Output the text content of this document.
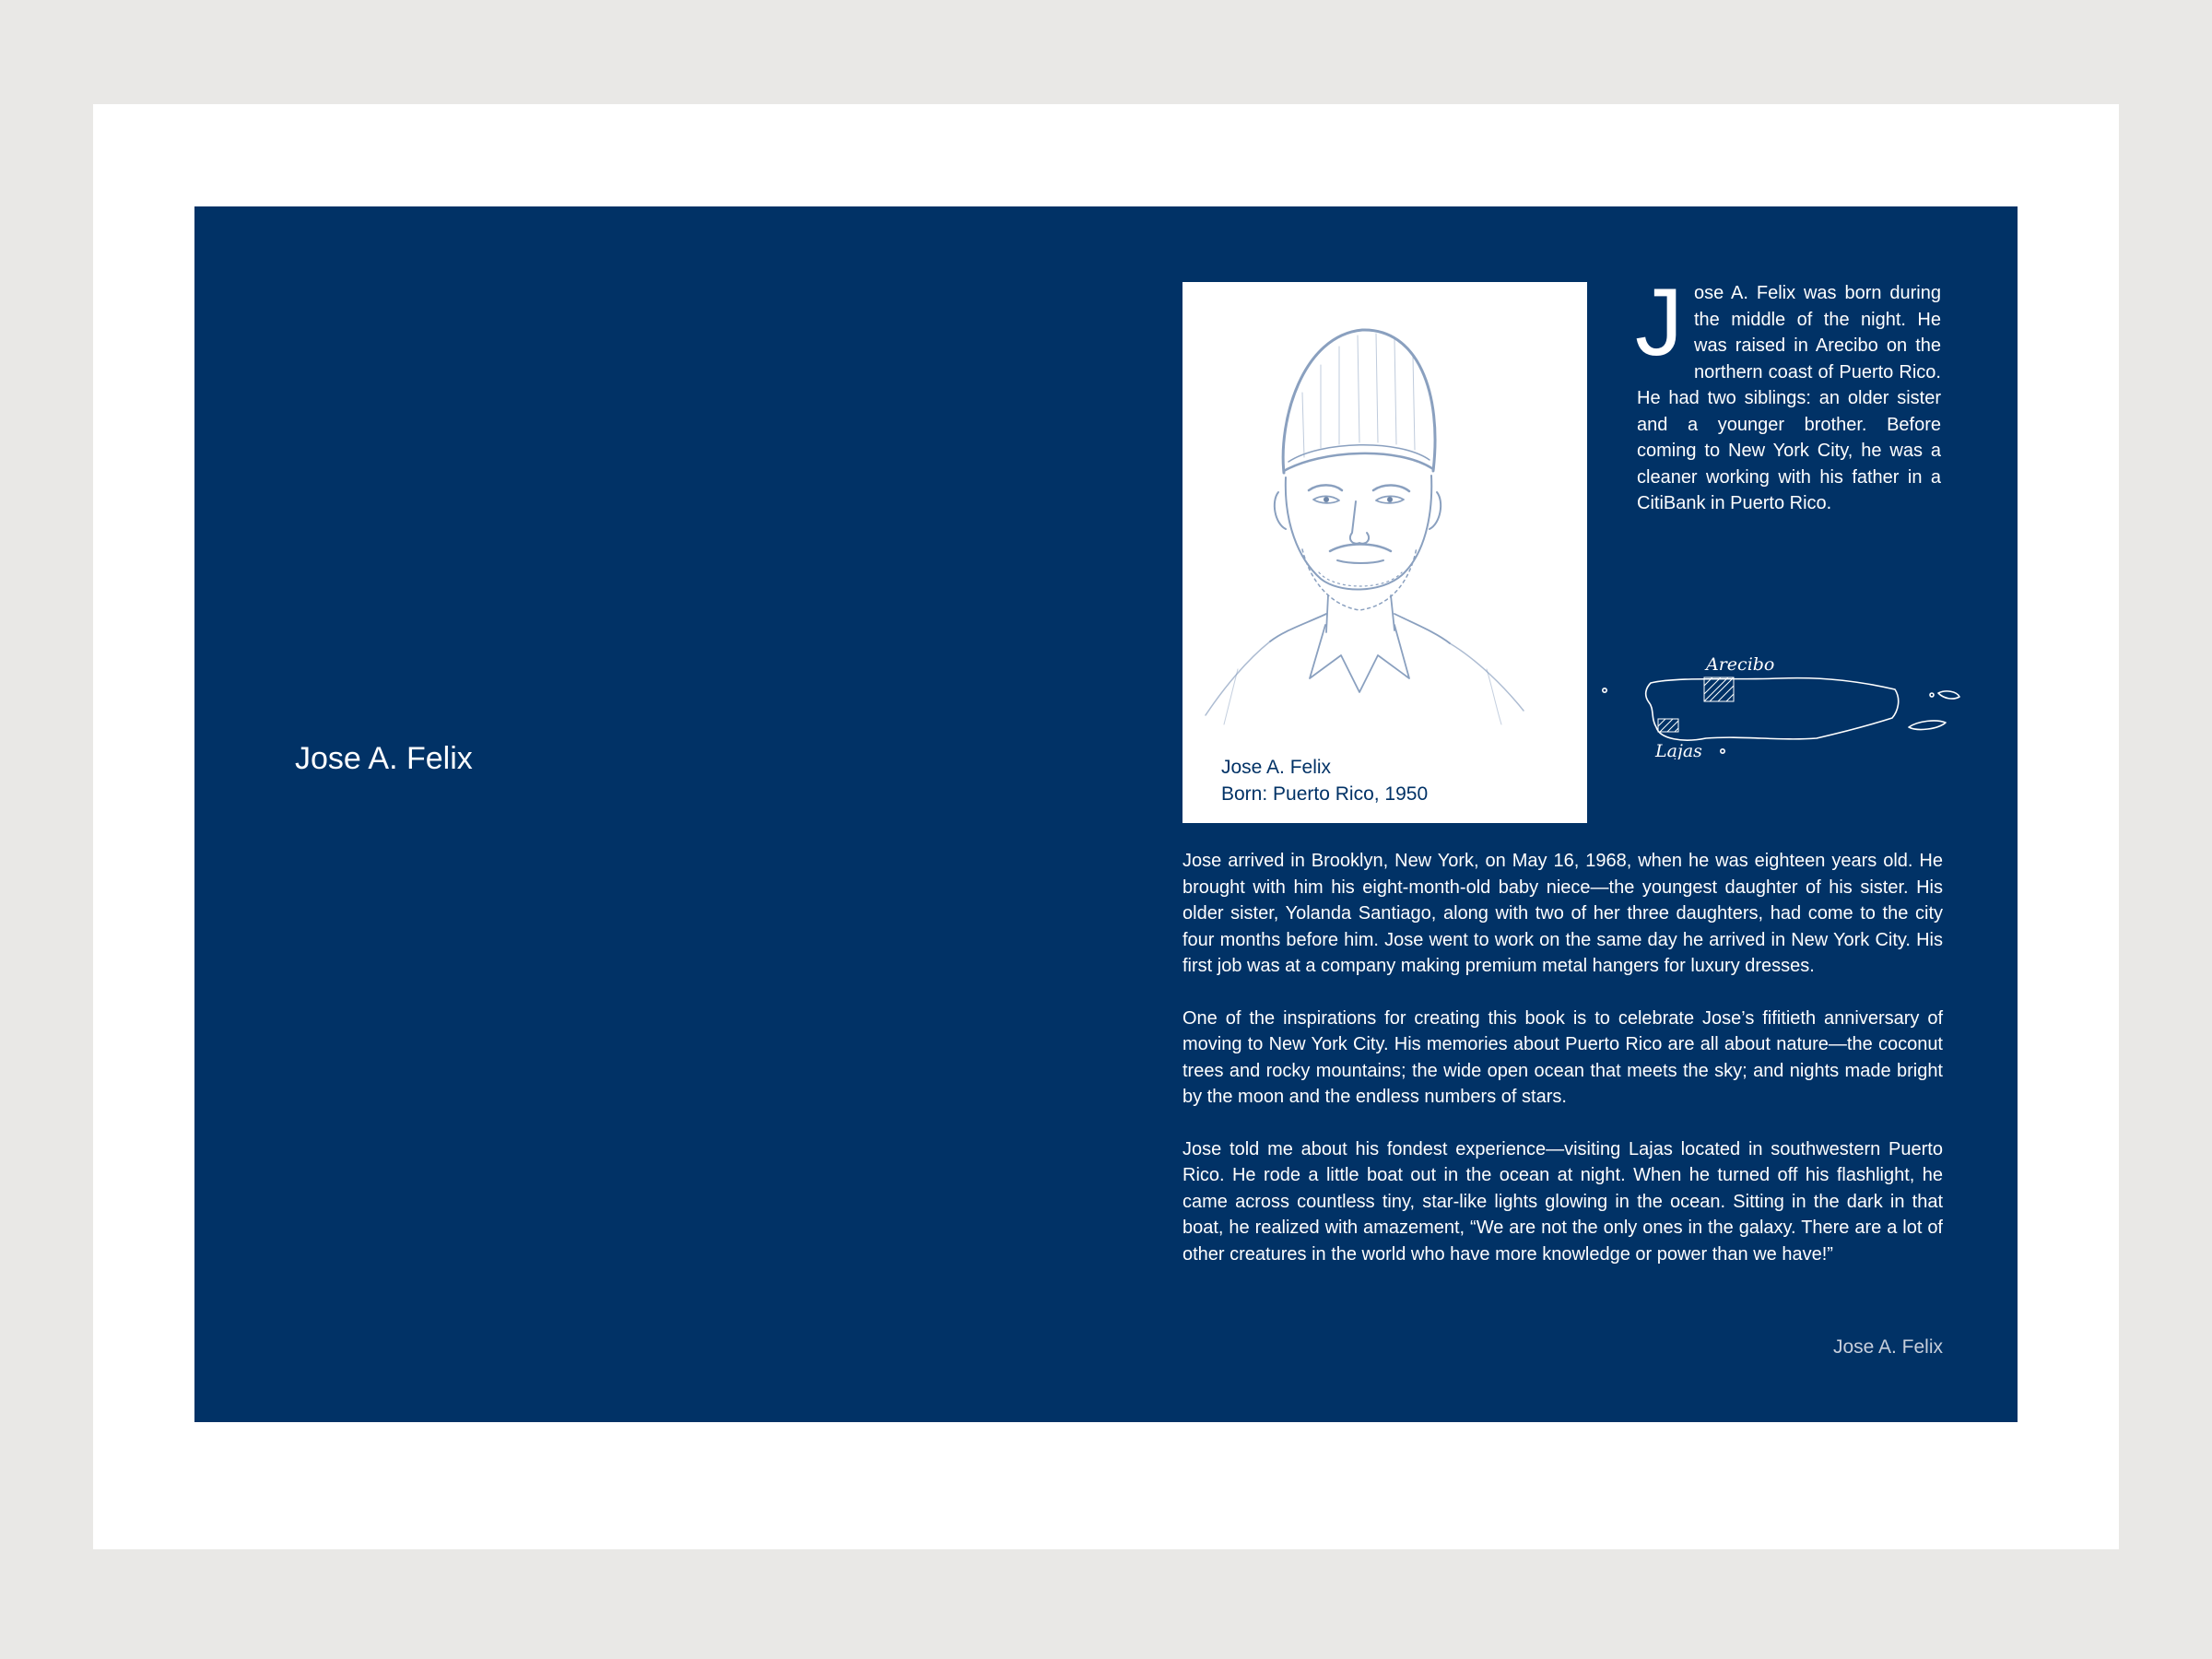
Jose A. Felix	Jose A. Felix
Born: Puerto Rico, 1950
J ose A. Felix was born during the middle of the night. He was raised in Arecibo on the northern coast of Puerto Rico. He had two siblings: an older sister and a younger brother. Before coming to New York City, he was a cleaner working with his father in a CitiBank in Puerto Rico.
Arecibo
Lajas

Jose arrived in Brooklyn, New York, on May 16, 1968, when he was eighteen years old. He brought with him his eight-month-old baby niece—the youngest daughter of his sister. His older sister, Yolanda Santiago, along with two of her three daughters, had come to the city four months before him. Jose went to work on the same day he arrived in New York City. His first job was at a company making premium metal hangers for luxury dresses.

One of the inspirations for creating this book is to celebrate Jose’s fifitieth anniversary of moving to New York City. His memories about Puerto Rico are all about nature—the coconut trees and rocky mountains; the wide open ocean that meets the sky; and nights made bright by the moon and the endless numbers of stars.

Jose told me about his fondest experience—visiting Lajas located in southwestern Puerto Rico. He rode a little boat out in the ocean at night. When he turned off his flashlight, he came across countless tiny, star-like lights glowing in the ocean. Sitting in the dark in that boat, he realized with amazement, “We are not the only ones in the galaxy. There are a lot of other creatures in the world who have more knowledge or power than we have!”

Jose A. Felix
